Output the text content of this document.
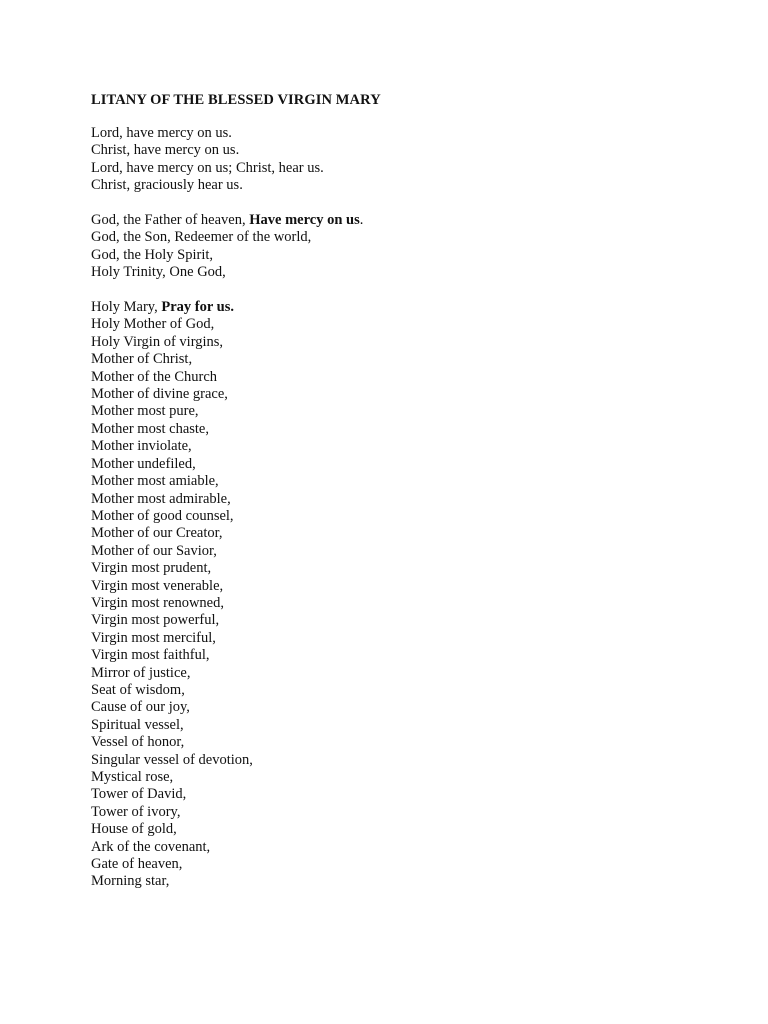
LITANY OF THE BLESSED VIRGIN MARY

Lord, have mercy on us.

Christ, have mercy on us.

Lord, have mercy on us; Christ, hear us.

Christ, graciously hear us.

God, the Father of heaven, Have mercy on us.

God, the Son, Redeemer of the world,

God, the Holy Spirit,

Holy Trinity, One God,

Holy Mary, Pray for us.

Holy Mother of God,

Holy Virgin of virgins,

Mother of Christ,

Mother of the Church

Mother of divine grace,

Mother most pure,

Mother most chaste,

Mother inviolate,

Mother undefiled,

Mother most amiable,

Mother most admirable,

Mother of good counsel,

Mother of our Creator,

Mother of our Savior,

Virgin most prudent,

Virgin most venerable,

Virgin most renowned,

Virgin most powerful,

Virgin most merciful,

Virgin most faithful,

Mirror of justice,

Seat of wisdom,

Cause of our joy,

Spiritual vessel,

Vessel of honor,

Singular vessel of devotion,

Mystical rose,

Tower of David,

Tower of ivory,

House of gold,

Ark of the covenant,

Gate of heaven,

Morning star,
